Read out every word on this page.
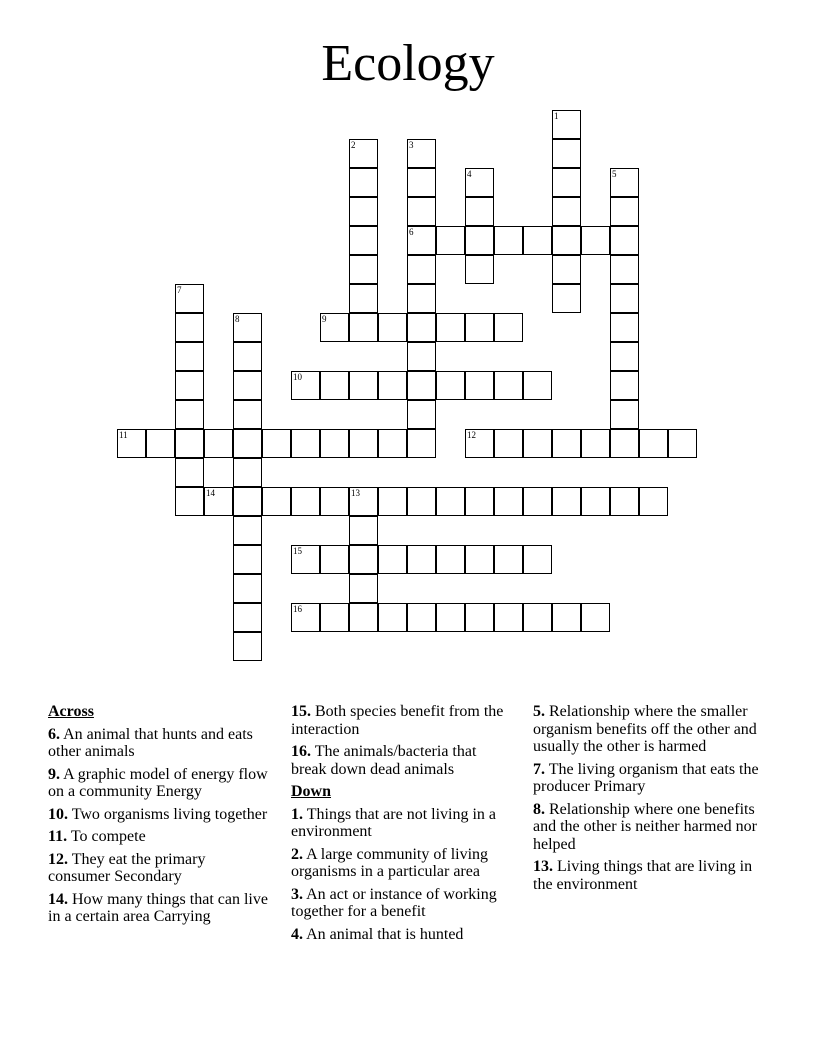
Ecology
6
9
10
11	12
14
15
16
1
2	3
4	5
7
8
13

Across

6. An animal that hunts and eats other animals

9. A graphic model of energy flow on a community Energy

10. Two organisms living together

11. To compete

12. They eat the primary consumer Secondary

14. How many things that can live in a certain area Carrying

15. Both species benefit from the interaction

16. The animals/bacteria that break down dead animals

Down

1. Things that are not living in a environment

2. A large community of living organisms in a particular area

3. An act or instance of working together for a benefit

4. An animal that is hunted

5. Relationship where the smaller organism benefits off the other and usually the other is harmed

7. The living organism that eats the producer Primary

8. Relationship where one benefits and the other is neither harmed nor helped

13. Living things that are living in the environment
